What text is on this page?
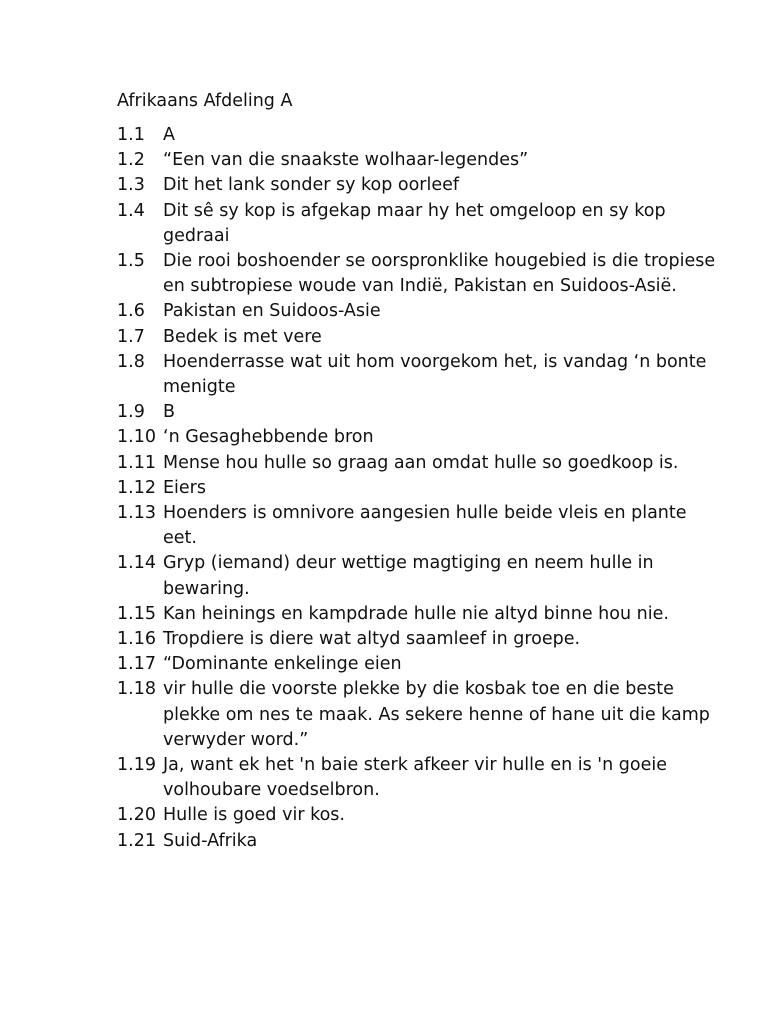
Afrikaans Afdeling A
1.1	A
1.2	“Een van die snaakste wolhaar-legendes”
1.3	Dit het lank sonder sy kop oorleef
1.4	Dit sê sy kop is afgekap maar hy het omgeloop en sy kop gedraai
1.5	Die rooi boshoender se oorspronklike hougebied is die tropiese en subtropiese woude van Indië, Pakistan en Suidoos-Asië.
1.6	Pakistan en Suidoos-Asie
1.7	Bedek is met vere
1.8	Hoenderrasse wat uit hom voorgekom het, is vandag ‘n bonte menigte
1.9	B
1.10 ‘n Gesaghebbende bron
1.11 Mense hou hulle so graag aan omdat hulle so goedkoop is.
1.12 Eiers
1.13 Hoenders is omnivore aangesien hulle beide vleis en plante eet.
1.14 Gryp (iemand) deur wettige magtiging en neem hulle in bewaring.
1.15 Kan heinings en kampdrade hulle nie altyd binne hou nie.
1.16 Tropdiere is diere wat altyd saamleef in groepe.
1.17 “Dominante enkelinge eien
1.18 vir hulle die voorste plekke by die kosbak toe en die beste plekke om nes te maak. As sekere henne of hane uit die kamp verwyder word.”
1.19 Ja, want ek het 'n baie sterk afkeer vir hulle en is 'n goeie volhoubare voedselbron.
1.20 Hulle is goed vir kos.
1.21 Suid-Afrika
